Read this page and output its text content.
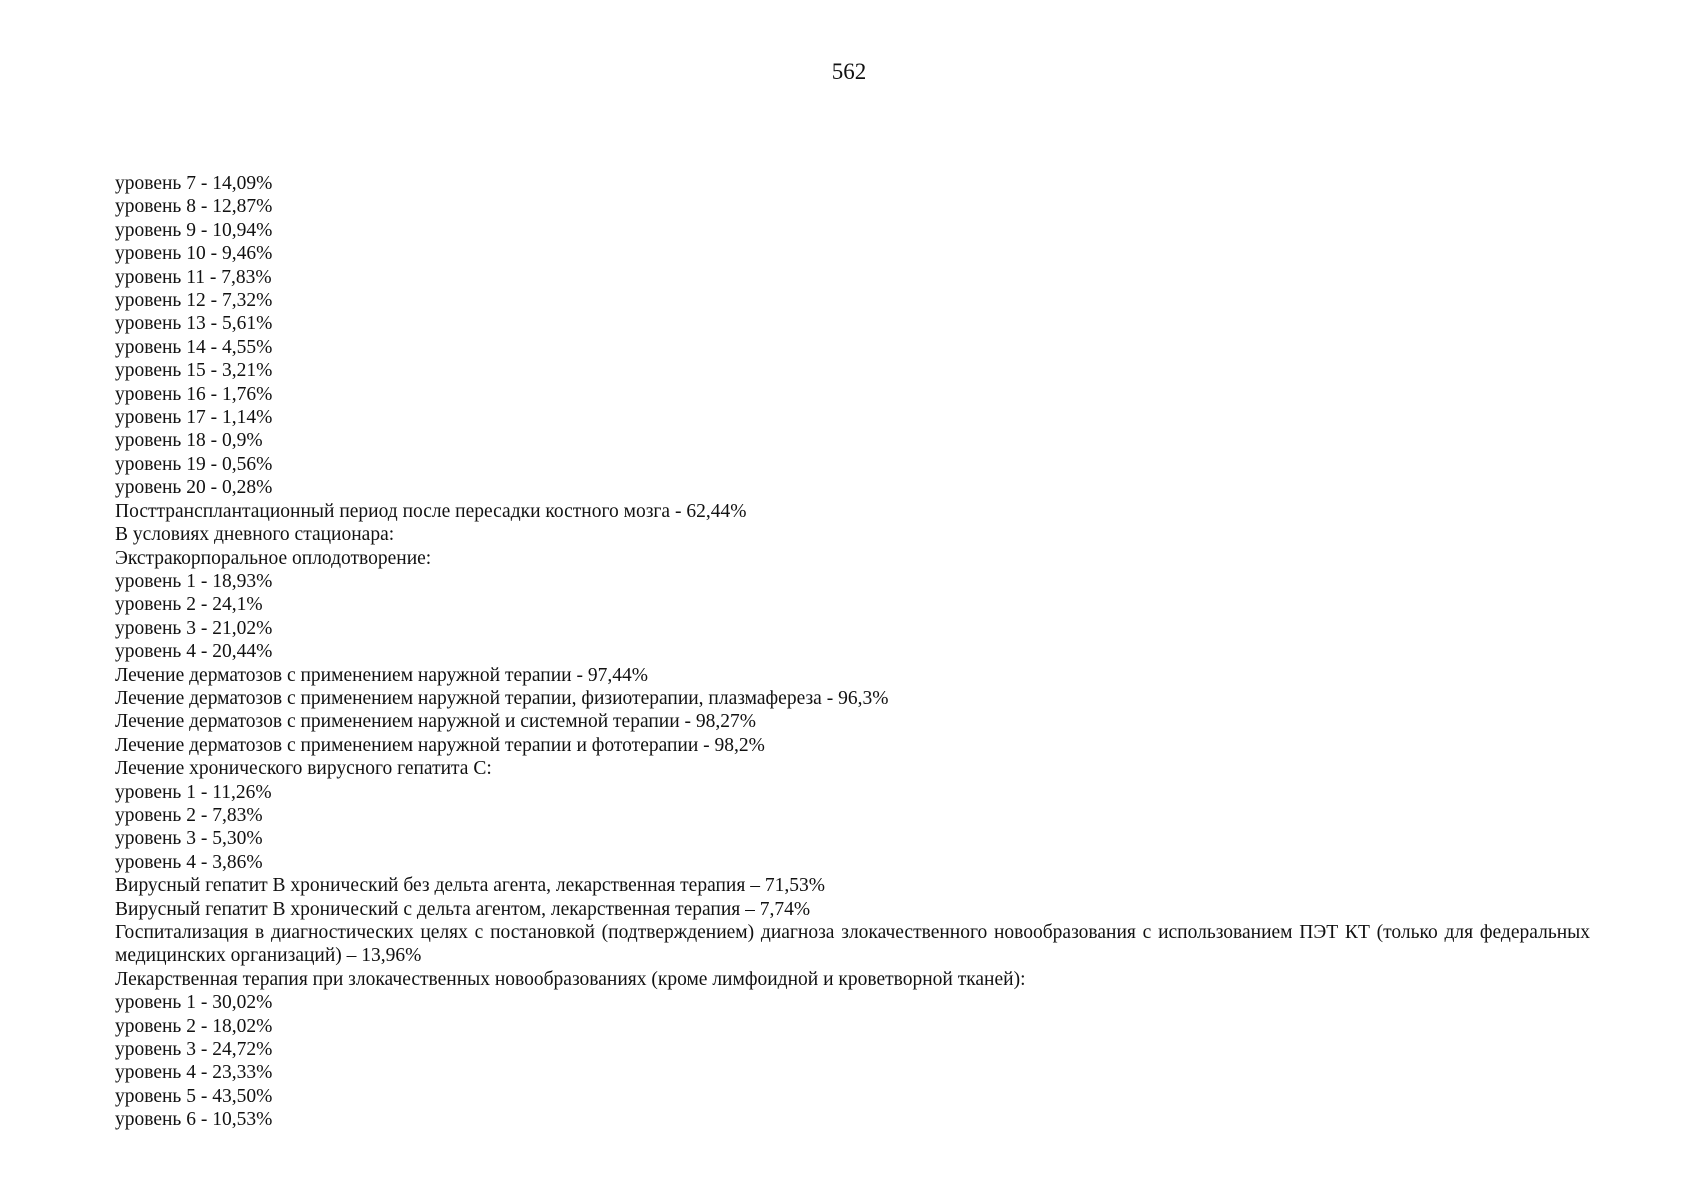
562

уровень 7 - 14,09%

уровень 8 - 12,87%

уровень 9 - 10,94%

уровень 10 - 9,46%

уровень 11 - 7,83%

уровень 12 - 7,32%

уровень 13 - 5,61%

уровень 14 - 4,55%

уровень 15 - 3,21%

уровень 16 - 1,76%

уровень 17 - 1,14%

уровень 18 - 0,9%

уровень 19 - 0,56%

уровень 20 - 0,28%

Посттрансплантационный период после пересадки костного мозга - 62,44%

В условиях дневного стационара:

Экстракорпоральное оплодотворение:

уровень 1 - 18,93%

уровень 2 - 24,1%

уровень 3 - 21,02%

уровень 4 - 20,44%

Лечение дерматозов с применением наружной терапии - 97,44%

Лечение дерматозов с применением наружной терапии, физиотерапии, плазмафереза - 96,3%

Лечение дерматозов с применением наружной и системной терапии - 98,27%

Лечение дерматозов с применением наружной терапии и фототерапии - 98,2%

Лечение хронического вирусного гепатита С:

уровень 1 - 11,26%

уровень 2 - 7,83%

уровень 3 - 5,30%

уровень 4 - 3,86%

Вирусный гепатит В хронический без дельта агента, лекарственная терапия – 71,53%

Вирусный гепатит В хронический с дельта агентом, лекарственная терапия – 7,74%

Госпитализация в диагностических целях с постановкой (подтверждением) диагноза злокачественного новообразования с использованием ПЭТ КТ (только для федеральных медицинских организаций) – 13,96%

Лекарственная терапия при злокачественных новообразованиях (кроме лимфоидной и кроветворной тканей):

уровень 1 - 30,02%

уровень 2 - 18,02%

уровень 3 - 24,72%

уровень 4 - 23,33%

уровень 5 - 43,50%

уровень 6 - 10,53%
